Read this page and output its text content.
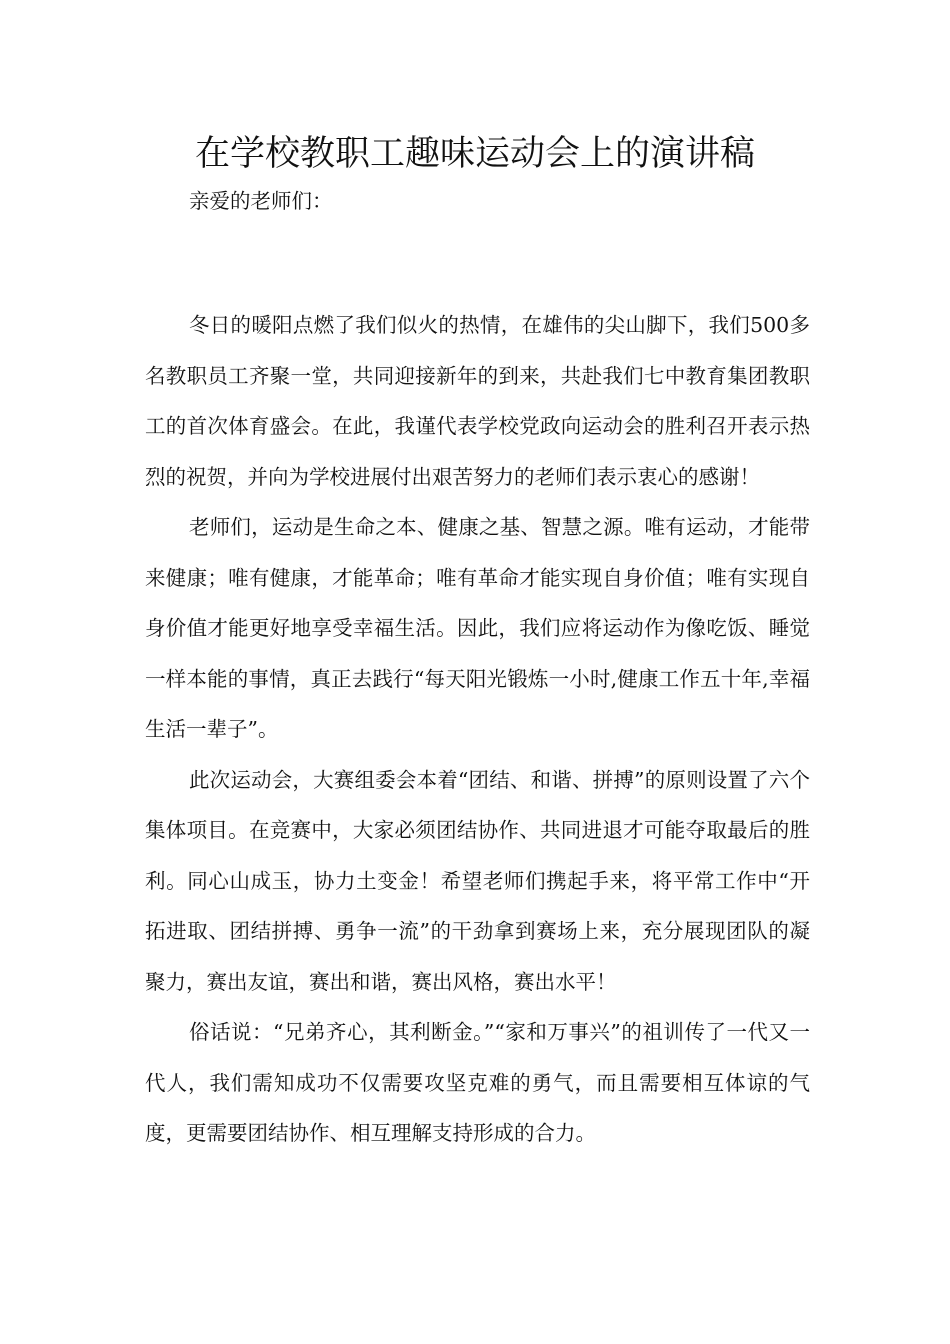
在学校教职工趣味运动会上的演讲稿

亲爱的老师们：

冬日的暖阳点燃了我们似火的热情，在雄伟的尖山脚下，我们500多名教职员工齐聚一堂，共同迎接新年的到来，共赴我们七中教育集团教职工的首次体育盛会。在此，我谨代表学校党政向运动会的胜利召开表示热烈的祝贺，并向为学校进展付出艰苦努力的老师们表示衷心的感谢！

老师们，运动是生命之本、健康之基、智慧之源。唯有运动，才能带来健康；唯有健康，才能革命；唯有革命才能实现自身价值；唯有实现自身价值才能更好地享受幸福生活。因此，我们应将运动作为像吃饭、睡觉一样本能的事情，真正去践行“每天阳光锻炼一小时,健康工作五十年,幸福生活一辈子”。

此次运动会，大赛组委会本着“团结、和谐、拼搏”的原则设置了六个集体项目。在竞赛中，大家必须团结协作、共同进退才可能夺取最后的胜利。同心山成玉，协力土变金！希望老师们携起手来，将平常工作中“开拓进取、团结拼搏、勇争一流”的干劲拿到赛场上来，充分展现团队的凝聚力，赛出友谊，赛出和谐，赛出风格，赛出水平！

俗话说：“兄弟齐心，其利断金。”“家和万事兴”的祖训传了一代又一代人，我们需知成功不仅需要攻坚克难的勇气，而且需要相互体谅的气度，更需要团结协作、相互理解支持形成的合力。
